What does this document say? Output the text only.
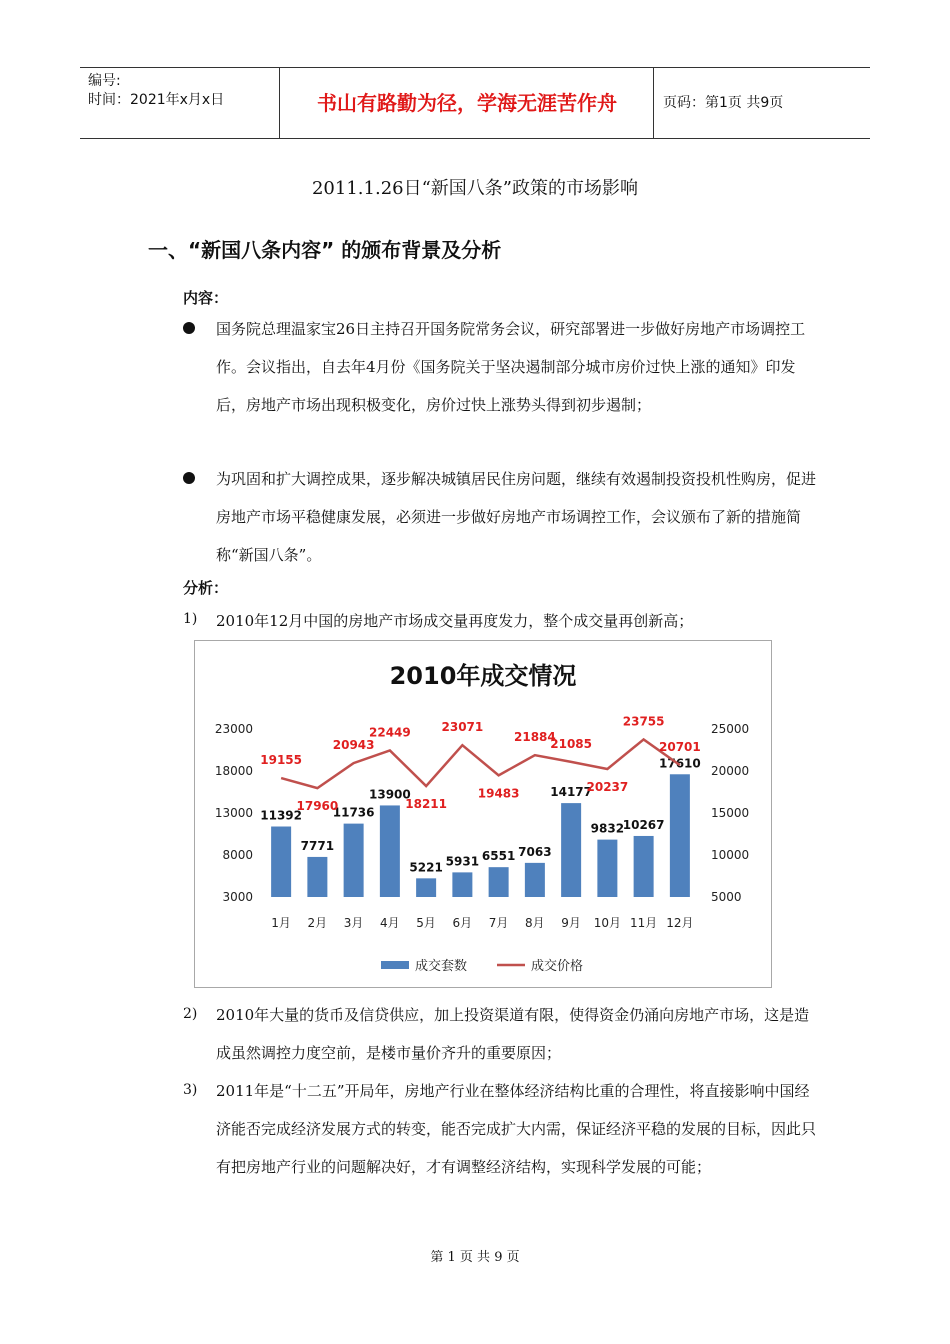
编号:
时间：2021年x月x日	书山有路勤为径，学海无涯苦作舟	页码：第1页 共9页
2011.1.26日“新国八条”政策的市场影响
一、“新国八条内容” 的颁布背景及分析
内容：
国务院总理温家宝26日主持召开国务院常务会议，研究部署进一步做好房地产市场调控工作。会议指出，自去年4月份《国务院关于坚决遏制部分城市房价过快上涨的通知》印发后，房地产市场出现积极变化，房价过快上涨势头得到初步遏制；
为巩固和扩大调控成果，逐步解决城镇居民住房问题，继续有效遏制投资投机性购房，促进房地产市场平稳健康发展，必须进一步做好房地产市场调控工作，会议颁布了新的措施简称“新国八条”。
分析：
1) 2010年12月中国的房地产市场成交量再度发力，整个成交量再创新高；
2010年成交情况
3000
8000
13000
18000
23000
5000
10000
15000
20000
25000
11392
1月
7771
2月
11736
3月
13900
4月
5221
5月
5931
6月
6551
7月
7063
8月
14177
9月
9832
10月
10267
11月
17610
12月
19155
17960
20943
22449
18211
23071
19483
21884
21085
20237
23755
20701
成交套数	成交价格
2) 2010年大量的货币及信贷供应，加上投资渠道有限，使得资金仍涌向房地产市场，这是造成虽然调控力度空前，是楼市量价齐升的重要原因；
3) 2011年是“十二五”开局年，房地产行业在整体经济结构比重的合理性，将直接影响中国经济能否完成经济发展方式的转变，能否完成扩大内需，保证经济平稳的发展的目标，因此只有把房地产行业的问题解决好，才有调整经济结构，实现科学发展的可能；
第 1 页 共 9 页
